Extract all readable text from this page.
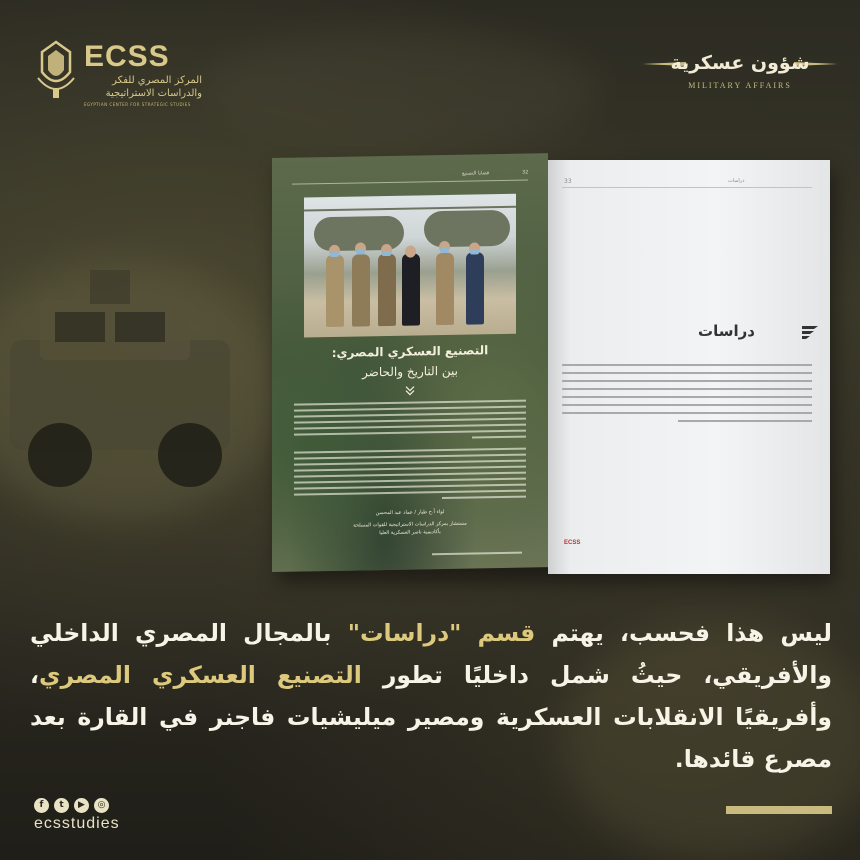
ECSS
المركز المصري للفكر والدراسات الاستراتيجية
EGYPTIAN CENTER FOR STRATEGIC STUDIES
شؤون عسكرية
MILITARY AFFAIRS
قضايا التصنيع	32
التصنيع العسكري المصري:
بين التاريخ والحاضر
لواء أ.ح طيار / عماد عبد المحسن
مستشار بمركز الدراسات الاستراتيجية للقوات المسلحة
بأكاديمية ناصر العسكرية العليا
33	دراسات
دراسات
ECSS
ليس هذا فحسب، يهتم قسم "دراسات" بالمجال المصري الداخلي والأفريقي، حيثُ شمل داخليًا تطور التصنيع العسكري المصري، وأفريقيًا الانقلابات العسكرية ومصير ميليشيات فاجنر في القارة بعد مصرع قائدها.
f t ▶ ◎
ecsstudies
